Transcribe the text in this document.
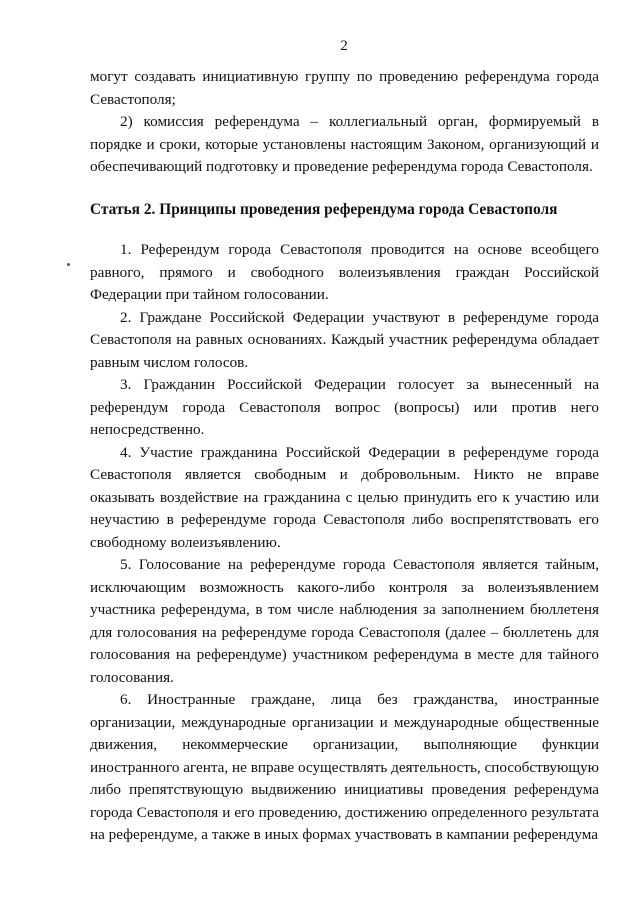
2

могут создавать инициативную группу по проведению референдума города Севастополя;

2) комиссия референдума – коллегиальный орган, формируемый в порядке и сроки, которые установлены настоящим Законом, организующий и обеспечивающий подготовку и проведение референдума города Севастополя.

Статья 2. Принципы проведения референдума города Севастополя

1. Референдум города Севастополя проводится на основе всеобщего равного, прямого и свободного волеизъявления граждан Российской Федерации при тайном голосовании.

2. Граждане Российской Федерации участвуют в референдуме города Севастополя на равных основаниях. Каждый участник референдума обладает равным числом голосов.

3. Гражданин Российской Федерации голосует за вынесенный на референдум города Севастополя вопрос (вопросы) или против него непосредственно.

4. Участие гражданина Российской Федерации в референдуме города Севастополя является свободным и добровольным. Никто не вправе оказывать воздействие на гражданина с целью принудить его к участию или неучастию в референдуме города Севастополя либо воспрепятствовать его свободному волеизъявлению.

5. Голосование на референдуме города Севастополя является тайным, исключающим возможность какого-либо контроля за волеизъявлением участника референдума, в том числе наблюдения за заполнением бюллетеня для голосования на референдуме города Севастополя (далее – бюллетень для голосования на референдуме) участником референдума в месте для тайного голосования.

6. Иностранные граждане, лица без гражданства, иностранные организации, международные организации и международные общественные движения, некоммерческие организации, выполняющие функции иностранного агента, не вправе осуществлять деятельность, способствующую либо препятствующую выдвижению инициативы проведения референдума города Севастополя и его проведению, достижению определенного результата на референдуме, а также в иных формах участвовать в кампании референдума
